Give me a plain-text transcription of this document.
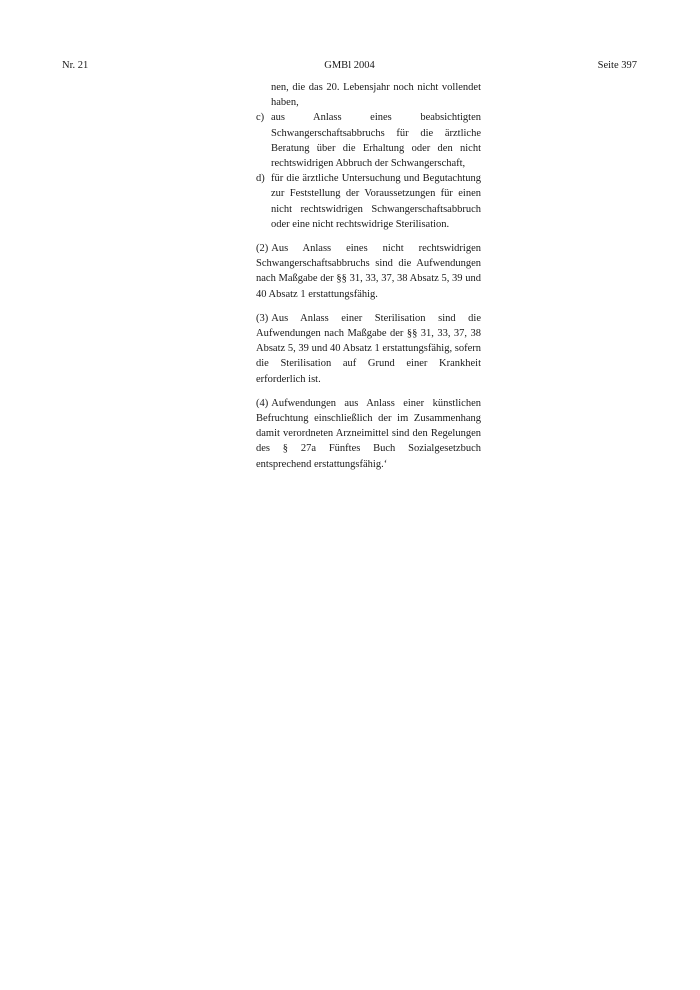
Nr. 21	GMBl 2004	Seite 397

nen, die das 20. Lebensjahr noch nicht vollendet haben,

c) aus Anlass eines beabsichtigten Schwangerschaftsabbruchs für die ärztliche Beratung über die Erhaltung oder den nicht rechtswidrigen Abbruch der Schwangerschaft,
d) für die ärztliche Untersuchung und Begutachtung zur Feststellung der Voraussetzungen für einen nicht rechtswidrigen Schwangerschaftsabbruch oder eine nicht rechtswidrige Sterilisation.

(2) Aus Anlass eines nicht rechtswidrigen Schwangerschaftsabbruchs sind die Aufwendungen nach Maßgabe der §§ 31, 33, 37, 38 Absatz 5, 39 und 40 Absatz 1 erstattungsfähig.

(3) Aus Anlass einer Sterilisation sind die Aufwendungen nach Maßgabe der §§ 31, 33, 37, 38 Absatz 5, 39 und 40 Absatz 1 erstattungsfähig, sofern die Sterilisation auf Grund einer Krankheit erforderlich ist.

(4) Aufwendungen aus Anlass einer künstlichen Befruchtung einschließlich der im Zusammenhang damit verordneten Arzneimittel sind den Regelungen des § 27a Fünftes Buch Sozialgesetzbuch entsprechend erstattungsfähig.‘
